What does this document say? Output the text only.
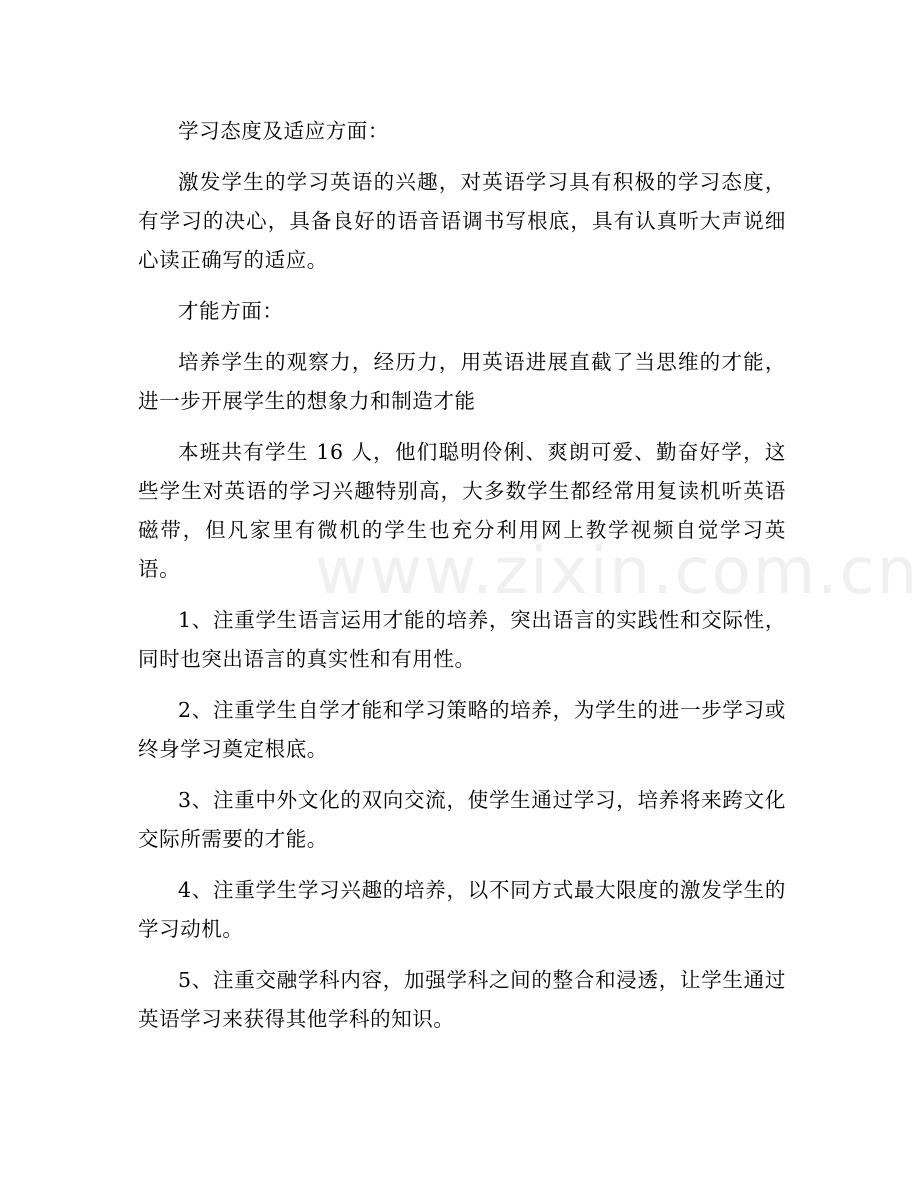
www.zixin.com.cn

学习态度及适应方面：

激发学生的学习英语的兴趣，对英语学习具有积极的学习态度，有学习的决心，具备良好的语音语调书写根底，具有认真听大声说细心读正确写的适应。

才能方面：

培养学生的观察力，经历力，用英语进展直截了当思维的才能，进一步开展学生的想象力和制造才能

本班共有学生 16 人，他们聪明伶俐、爽朗可爱、勤奋好学，这些学生对英语的学习兴趣特别高，大多数学生都经常用复读机听英语磁带，但凡家里有微机的学生也充分利用网上教学视频自觉学习英语。

1、注重学生语言运用才能的培养，突出语言的实践性和交际性，同时也突出语言的真实性和有用性。

2、注重学生自学才能和学习策略的培养，为学生的进一步学习或终身学习奠定根底。

3、注重中外文化的双向交流，使学生通过学习，培养将来跨文化交际所需要的才能。

4、注重学生学习兴趣的培养，以不同方式最大限度的激发学生的学习动机。

5、注重交融学科内容，加强学科之间的整合和浸透，让学生通过英语学习来获得其他学科的知识。
